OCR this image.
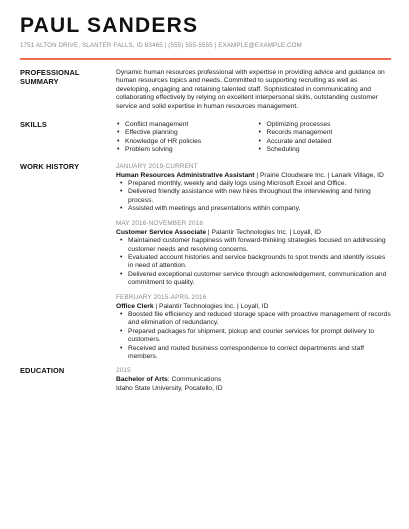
PAUL SANDERS
1751 ALTON DRIVE, SLANTER FALLS, ID 83465 | (555) 555-5555 | EXAMPLE@EXAMPLE.COM
PROFESSIONAL SUMMARY

Dynamic human resources professional with expertise in providing advice and guidance on human resources topics and needs. Committed to supporting recruiting as well as developing, engaging and retaining talented staff. Sophisticated in communicating and collaborating effectively by relying on excellent interpersonal skills, outstanding customer service and solid expertise in human resources management.

SKILLS
•	Conflict management
• Effective planning
• Knowledge of HR policies
• Problem solving
• Optimizing processes
• Records management
• Accurate and detailed
• Scheduling
WORK HISTORY	JANUARY 2019-CURRENT
Human Resources Administrative Assistant | Prairie Cloudware Inc. | Lanark Village, ID
• Prepared monthly, weekly and daily logs using Microsoft Excel and Office.
• Delivered friendly assistance with new hires throughout the interviewing and hiring process.
• Assisted with meetings and presentations within company.
MAY 2016-NOVEMBER 2018
Customer Service Associate | Palantir Technologies Inc. | Loyall, ID
• Maintained customer happiness with forward-thinking strategies focused on addressing customer needs and resolving concerns.
• Evaluated account histories and service backgrounds to spot trends and identify issues in need of attention.
• Delivered exceptional customer service through acknowledgement, communication and commitment to quality.
FEBRUARY 2015-APRIL 2016
Office Clerk | Palantir Technologies Inc. | Loyall, ID
• Boosted file efficiency and reduced storage space with proactive management of records and elimination of redundancy.
• Prepared packages for shipment, pickup and courier services for prompt delivery to customers.
• Received and routed business correspondence to correct departments and staff members.
EDUCATION	2015
Bachelor of Arts: Communications
Idaho State University, Pocatello, ID
